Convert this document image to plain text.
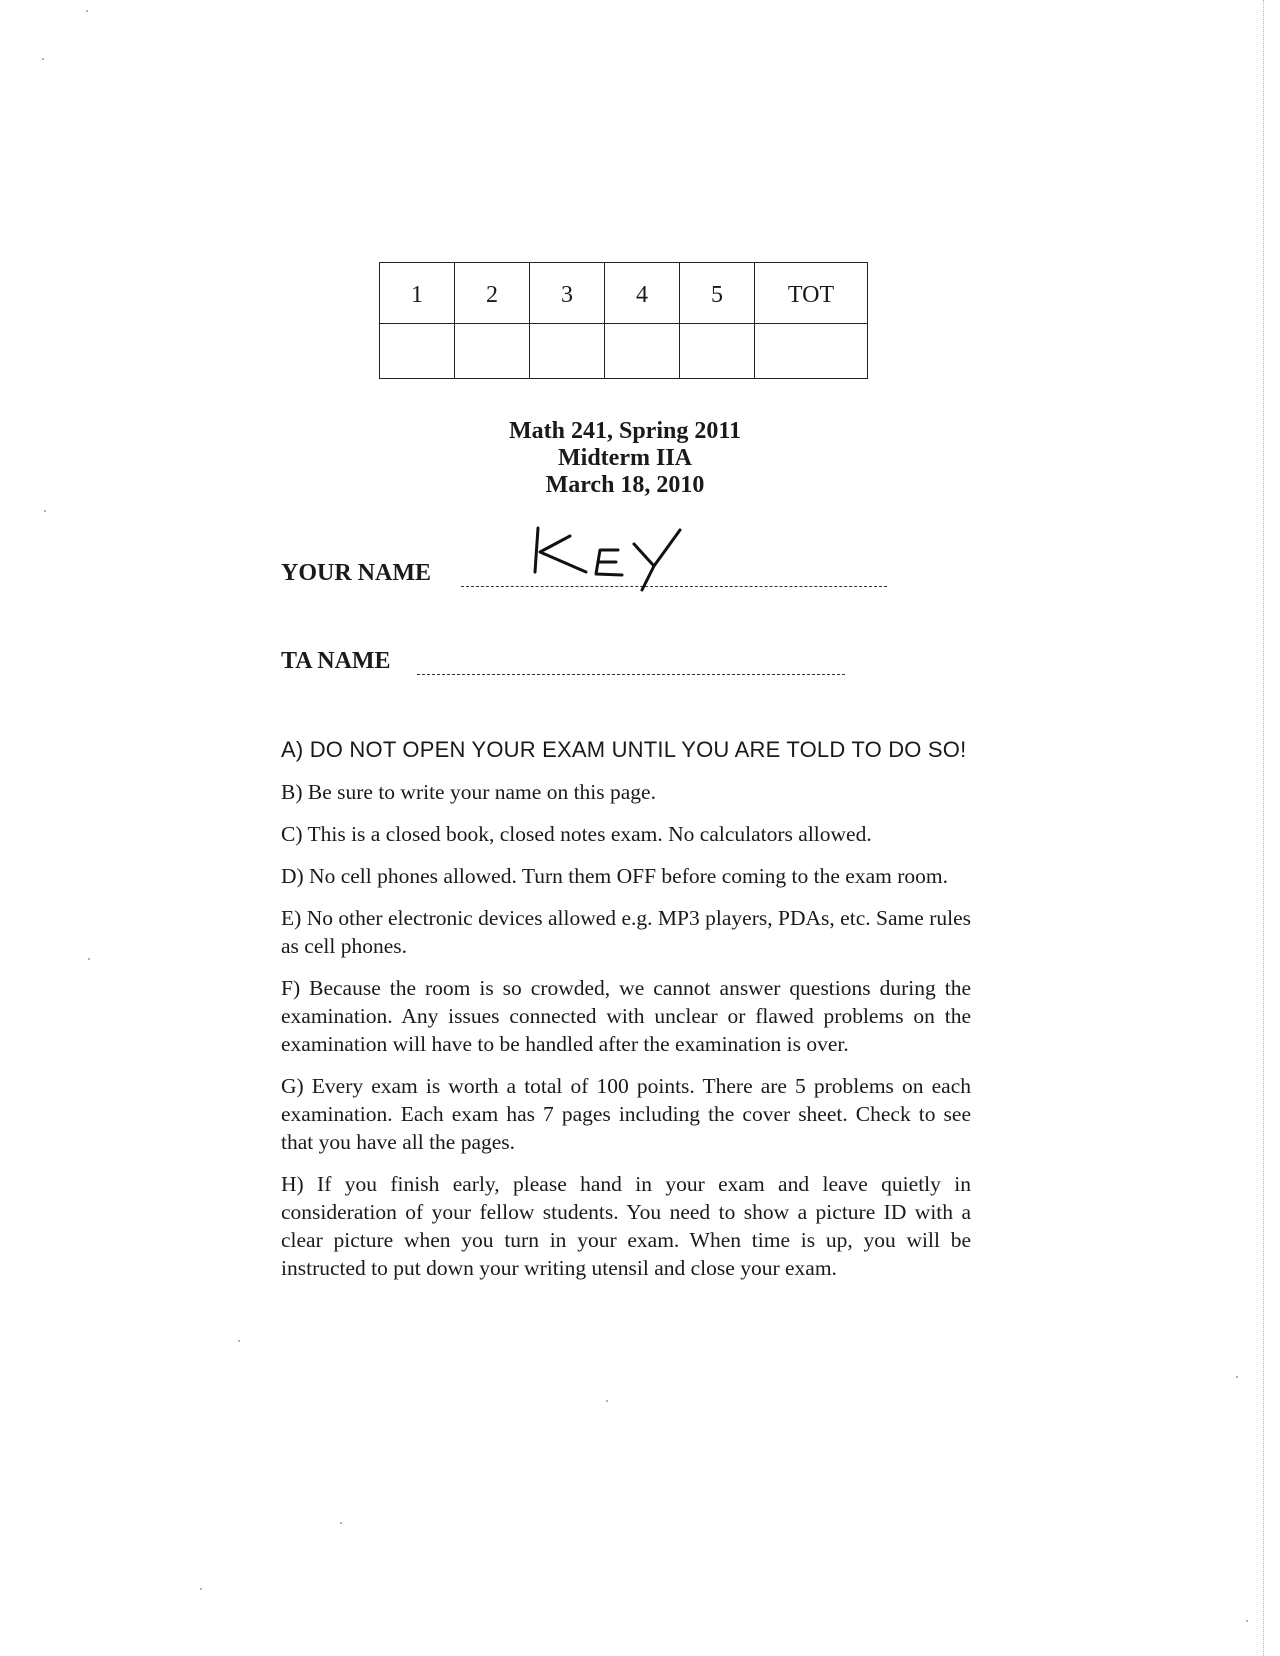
1	2	3	4	5	TOT

Math 241, Spring 2011
Midterm IIA
March 18, 2010
YOUR NAME
TA NAME

A) DO NOT OPEN YOUR EXAM UNTIL YOU ARE TOLD TO DO SO!

B) Be sure to write your name on this page.

C) This is a closed book, closed notes exam. No calculators allowed.

D) No cell phones allowed. Turn them OFF before coming to the exam room.

E) No other electronic devices allowed e.g. MP3 players, PDAs, etc. Same rules as cell phones.

F) Because the room is so crowded, we cannot answer questions during the examination. Any issues connected with unclear or flawed problems on the examination will have to be handled after the examination is over.

G) Every exam is worth a total of 100 points. There are 5 problems on each examination. Each exam has 7 pages including the cover sheet. Check to see that you have all the pages.

H) If you finish early, please hand in your exam and leave quietly in consideration of your fellow students. You need to show a picture ID with a clear picture when you turn in your exam. When time is up, you will be instructed to put down your writing utensil and close your exam.
